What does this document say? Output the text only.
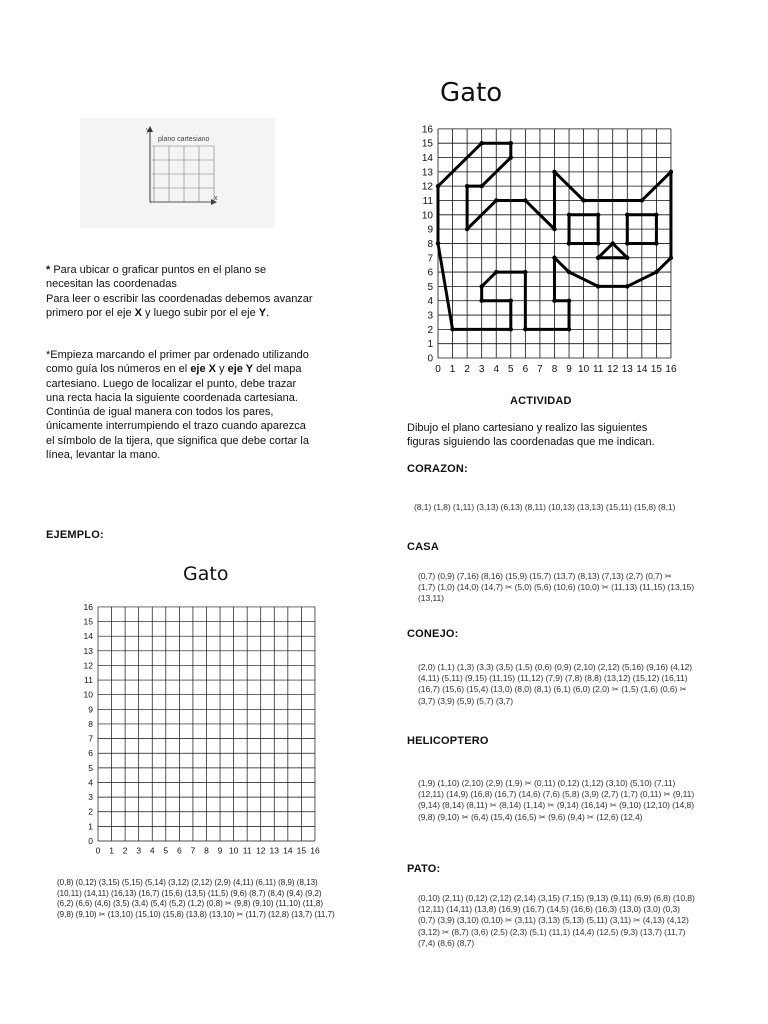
y
plano cartesiano
x
* Para ubicar o graficar puntos en el plano se
necesitan las coordenadas
Para leer o escribir las coordenadas debemos avanzar
primero por el eje X y luego subir por el eje Y.
*Empieza marcando el primer par ordenado utilizando
como guía los números en el eje X y eje Y del mapa
cartesiano. Luego de localizar el punto, debe trazar
una recta hacia la siguiente coordenada cartesiana.
Continúa de igual manera con todos los pares,
únicamente interrumpiendo el trazo cuando aparezca
el símbolo de la tijera, que significa que debe cortar la
línea, levantar la mano.
EJEMPLO:
Gato
0 1 2 3 4 5 6 7 8 9 10 11 12 13 14 15 16
0
1
2
3
4
5
6
7
8
9
10
11
12
13
14
15
16
(0,8) (0,12) (3,15) (5,15) (5,14) (3,12) (2,12) (2,9) (4,11) (6,11) (8,9) (8,13)
(10,11) (14,11) (16,13) (16,7) (15,6) (13,5) (11,5) (9,6) (8,7) (8,4) (9,4) (9,2)
(6,2) (6,6) (4,6) (3,5) (3,4) (5,4) (5,2) (1,2) (0,8) ✂ (9,8) (9,10) (11,10) (11,8)
(9,8) (9,10) ✂ (13,10) (15,10) (15,8) (13,8) (13,10) ✂ (11,7) (12,8) (13,7) (11,7)
Gato
0 1 2 3 4 5 6 7 8 9 10 11 12 13 14 15 16
0
1
2
3
4
5
6
7
8
9
10
11
12
13
14
15
16
ACTIVIDAD
Dibujo el plano cartesiano y realizo las siguientes
figuras siguiendo las coordenadas que me indican.
CORAZON:
(8,1) (1,8) (1,11) (3,13) (6,13) (8,11) (10,13) (13,13) (15,11) (15,8) (8,1)
CASA
(0,7) (0,9) (7,16) (8,16) (15,9) (15,7) (13,7) (8,13) (7,13) (2,7) (0,7) ✂
(1,7) (1,0) (14,0) (14,7) ✂ (5,0) (5,6) (10,6) (10,0) ✂ (11,13) (11,15) (13,15)
(13,11)
CONEJO:
(2,0) (1,1) (1,3) (3,3) (3,5) (1,5) (0,6) (0,9) (2,10) (2,12) (5,16) (9,16) (4,12)
(4,11) (5,11) (9,15) (11,15) (11,12) (7,9) (7,8) (8,8) (13,12) (15,12) (16,11)
(16,7) (15,6) (15,4) (13,0) (8,0) (8,1) (6,1) (6,0) (2,0) ✂ (1,5) (1,6) (0,6) ✂
(3,7) (3,9) (5,9) (5,7) (3,7)
HELICOPTERO
(1,9) (1,10) (2,10) (2,9) (1,9) ✂ (0,11) (0,12) (1,12) (3,10) (5,10) (7,11)
(12,11) (14,9) (16,8) (16,7) (14,6) (7,6) (5,8) (3,9) (2,7) (1,7) (0,11) ✂ (9,11)
(9,14) (8,14) (8,11) ✂ (8,14) (1,14) ✂ (9,14) (16,14) ✂ (9,10) (12,10) (14,8)
(9,8) (9,10) ✂ (6,4) (15,4) (16,5) ✂ (9,6) (9,4) ✂ (12,6) (12,4)
PATO:
(0,10) (2,11) (0,12) (2,12) (2,14) (3,15) (7,15) (9,13) (9,11) (6,9) (6,8) (10,8)
(12,11) (14,11) (13,8) (16,9) (16,7) (14,5) (16,6) (16,3) (13,0) (3,0) (0,3)
(0,7) (3,9) (3,10) (0,10) ✂ (3,11) (3,13) (5,13) (5,11) (3,11) ✂ (4,13) (4,12)
(3,12) ✂ (8,7) (3,6) (2,5) (2,3) (5,1) (11,1) (14,4) (12,5) (9,3) (13,7) (11,7)
(7,4) (8,6) (8,7)
